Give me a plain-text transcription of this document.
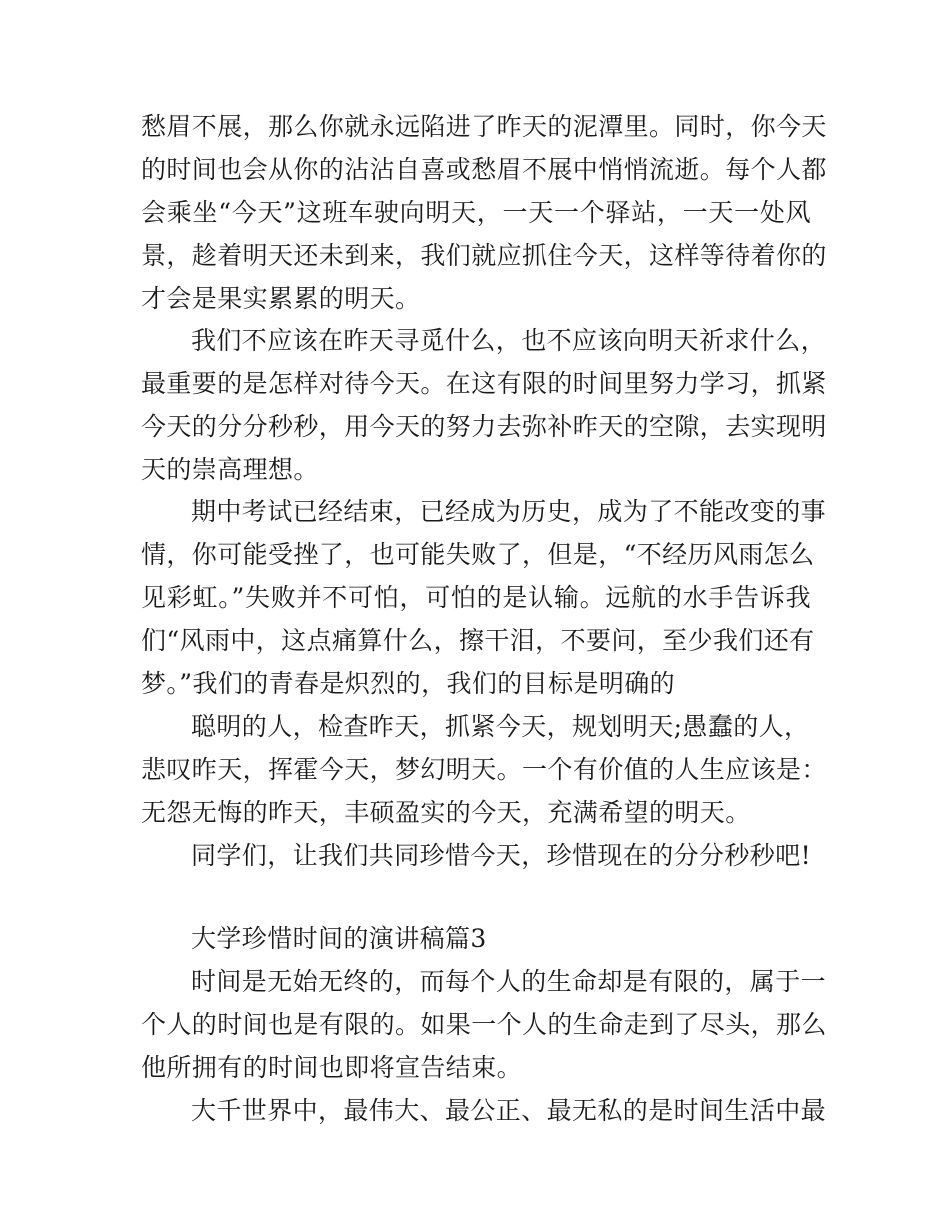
愁眉不展，那么你就永远陷进了昨天的泥潭里。同时，你今天
的时间也会从你的沾沾自喜或愁眉不展中悄悄流逝。每个人都
会乘坐“今天”这班车驶向明天，一天一个驿站，一天一处风
景，趁着明天还未到来，我们就应抓住今天，这样等待着你的
才会是果实累累的明天。
我们不应该在昨天寻觅什么，也不应该向明天祈求什么，
最重要的是怎样对待今天。在这有限的时间里努力学习，抓紧
今天的分分秒秒，用今天的努力去弥补昨天的空隙，去实现明
天的崇高理想。
期中考试已经结束，已经成为历史，成为了不能改变的事
情，你可能受挫了，也可能失败了，但是，“不经历风雨怎么
见彩虹。”失败并不可怕，可怕的是认输。远航的水手告诉我
们“风雨中，这点痛算什么，擦干泪，不要问，至少我们还有
梦。”我们的青春是炽烈的，我们的目标是明确的
聪明的人，检查昨天，抓紧今天，规划明天;愚蠢的人，
悲叹昨天，挥霍今天，梦幻明天。一个有价值的人生应该是：
无怨无悔的昨天，丰硕盈实的今天，充满希望的明天。
同学们，让我们共同珍惜今天，珍惜现在的分分秒秒吧!
大学珍惜时间的演讲稿篇3
时间是无始无终的，而每个人的生命却是有限的，属于一
个人的时间也是有限的。如果一个人的生命走到了尽头，那么
他所拥有的时间也即将宣告结束。
大千世界中，最伟大、最公正、最无私的是时间生活中最
